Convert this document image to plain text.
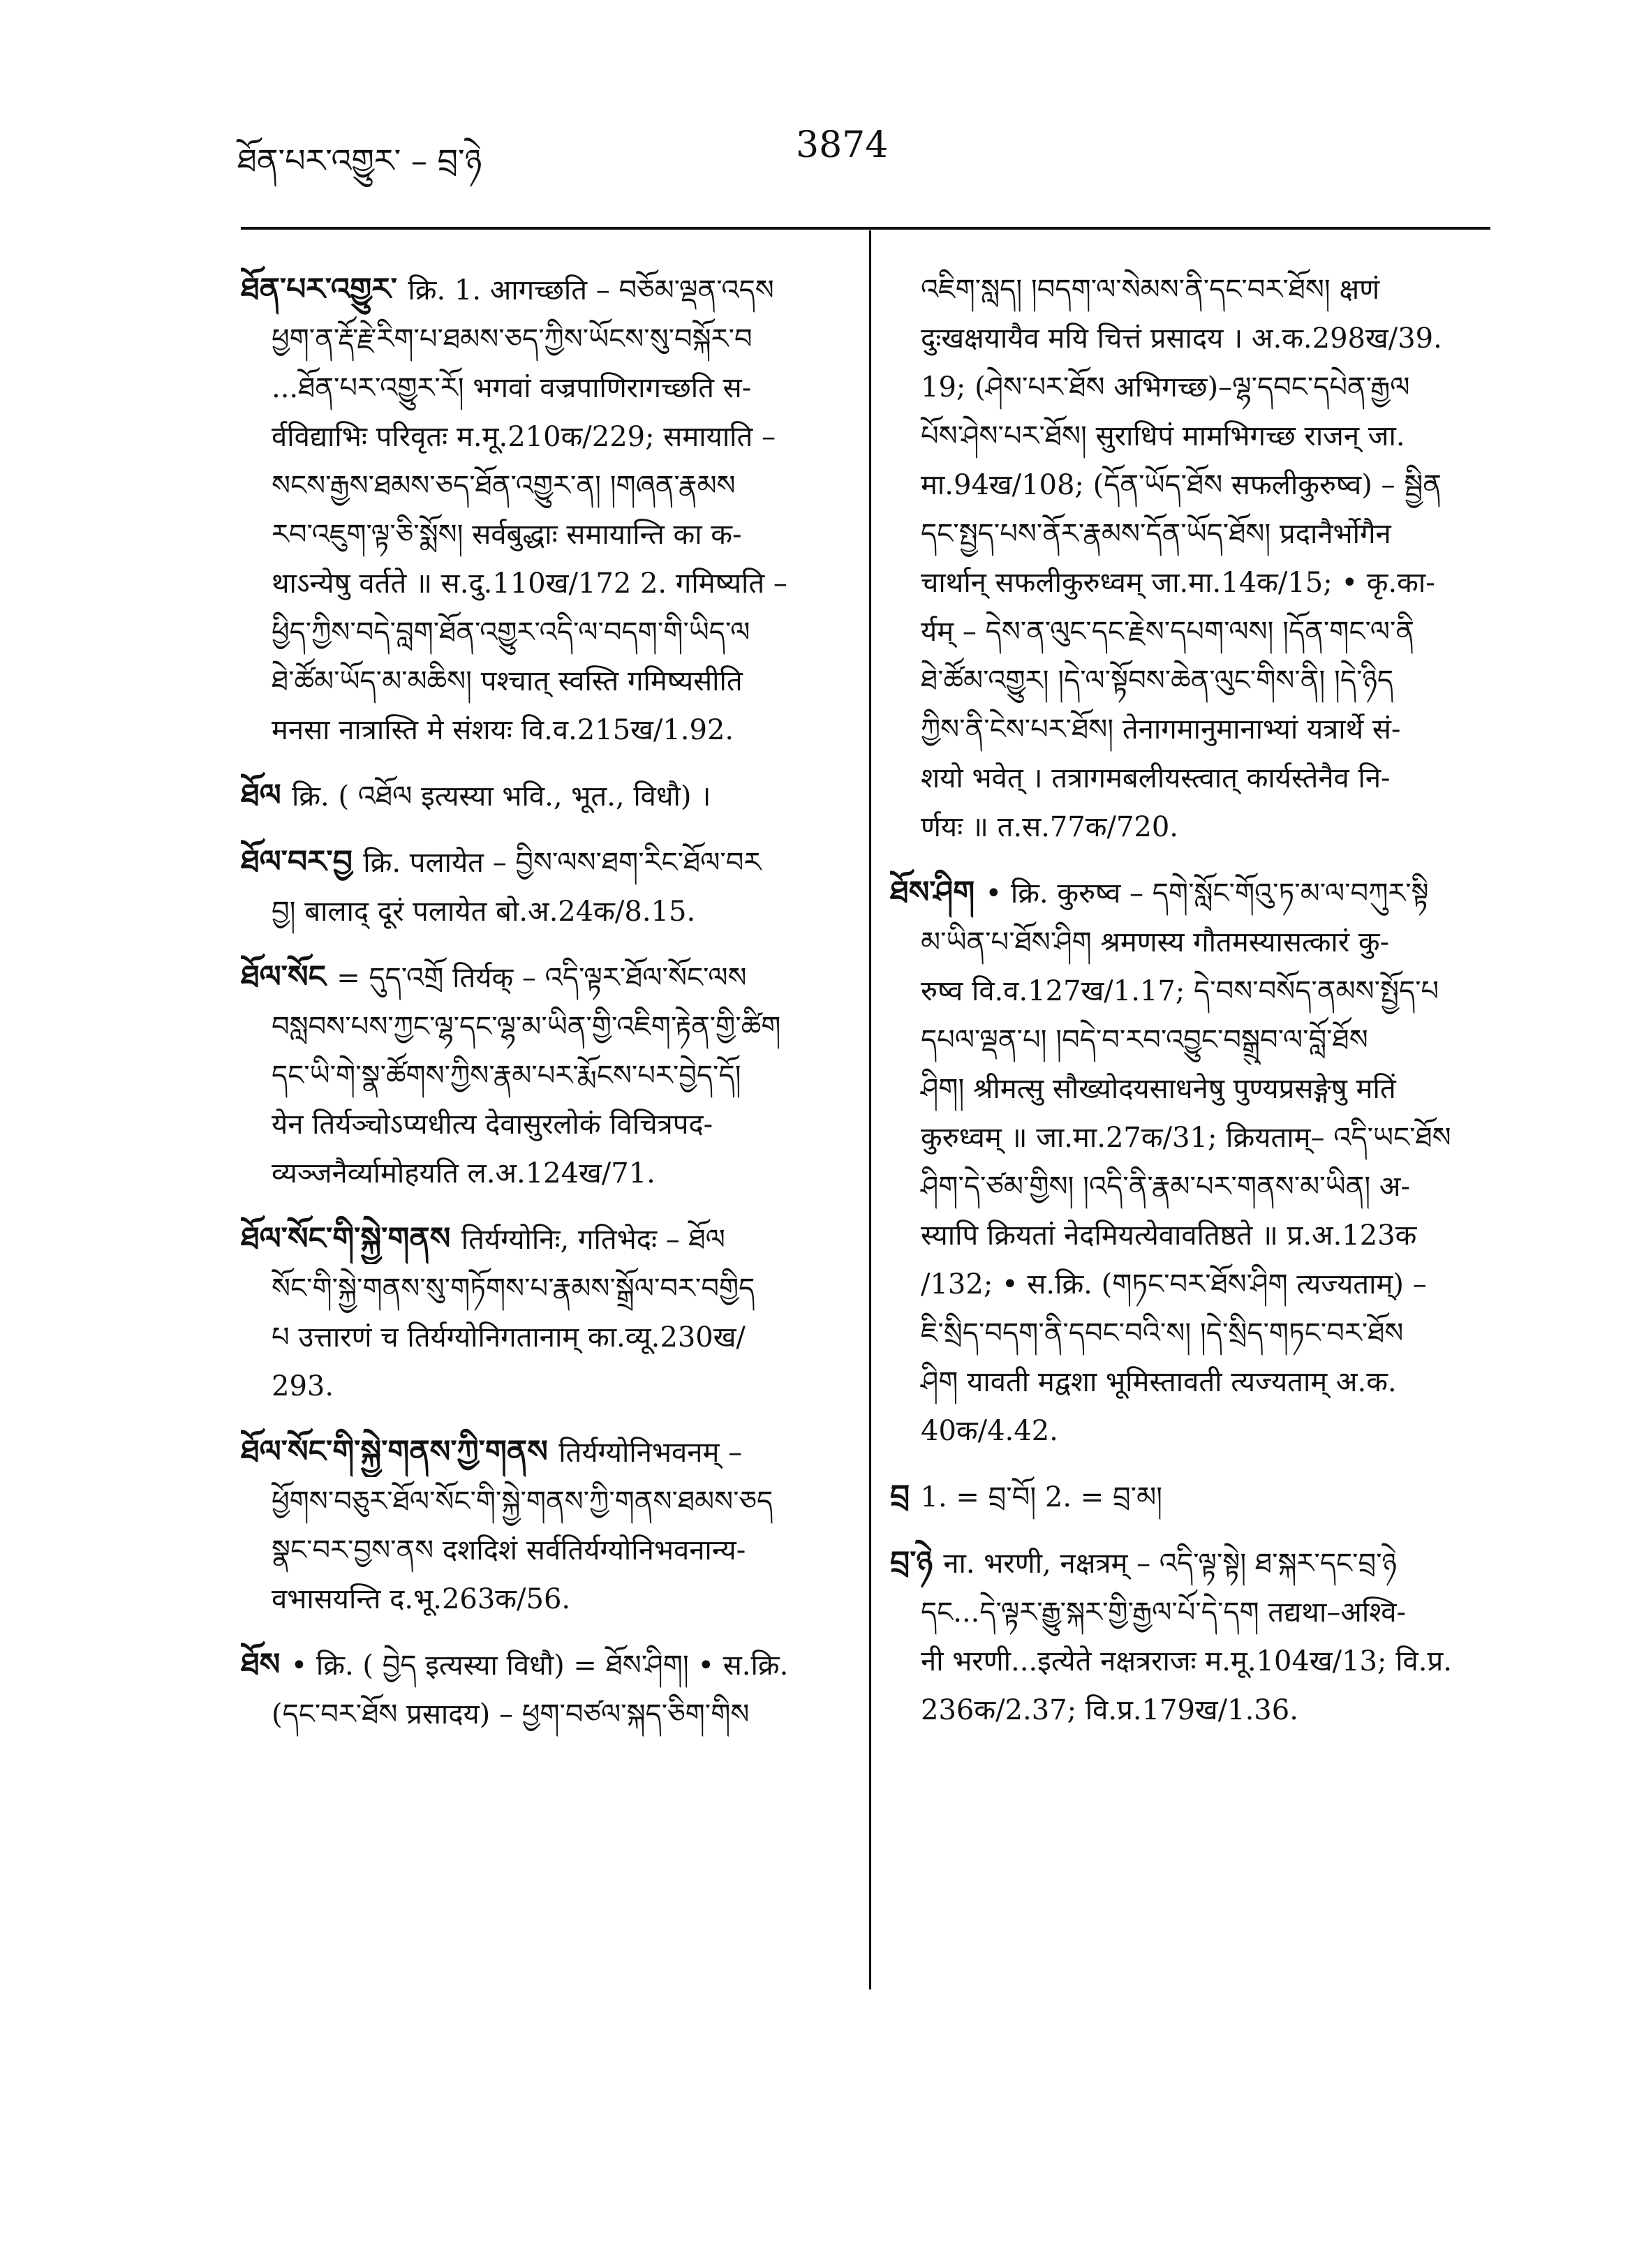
ཐོན་པར་འགྱུར་ – བྲ་ཉེ	3874
ཐོན་པར་འགྱུར་ क्रि. 1. आगच्छति – བཅོམ་ལྡན་འདས
ཕྱག་ན་རྡོ་རྗེ་རིག་པ་ཐམས་ཅད་ཀྱིས་ཡོངས་སུ་བསྐོར་བ
...ཐོན་པར་འགྱུར་རོ། भगवां वज्रपाणिरागच्छति स-
र्वविद्याभिः परिवृतः म.मू.210क/229; समायाति –
སངས་རྒྱས་ཐམས་ཅད་ཐོན་འགྱུར་ན། །གཞན་རྣམས
རབ་འཇུག་ལྟ་ཅི་སྨོས། सर्वबुद्धाः समायान्ति का क-
थाऽन्येषु वर्तते ॥ स.दु.110ख/172 2. गमिष्यति –
ཕྱིད་ཀྱིས་བདེ་བླག་ཐོན་འགྱུར་འདི་ལ་བདག་གི་ཡིད་ལ
ཐེ་ཚོམ་ཡོད་མ་མཆིས། पश्चात् स्वस्ति गमिष्यसीति
मनसा नात्रास्ति मे संशयः वि.व.215ख/1.92.
ཐོལ क्रि. ( འཐོལ इत्यस्या भवि., भूत., विधौ) ।
ཐོལ་བར་བྱ क्रि. पलायेत – བྱིས་ལས་ཐག་རིང་ཐོལ་བར
བྱ། बालाद् दूरं पलायेत बो.अ.24क/8.15.
ཐོལ་སོང = དུད་འགྲོ तिर्यक् – འདི་ལྟར་ཐོལ་སོང་ལས
བསླབས་པས་ཀྱང་ལྷ་དང་ལྷ་མ་ཡིན་གྱི་འཇིག་རྟེན་གྱི་ཚིག
དང་ཡི་གེ་སྣ་ཚོགས་ཀྱིས་རྣམ་པར་རྨོངས་པར་བྱེད་དོ།
येन तिर्यञ्चोऽप्यधीत्य देवासुरलोकं विचित्रपद-
व्यञ्जनैर्व्यामोहयति ल.अ.124ख/71.
ཐོལ་སོང་གི་སྐྱེ་གནས तिर्यग्योनिः, गतिभेदः – ཐོལ
སོང་གི་སྐྱེ་གནས་སུ་གཏོགས་པ་རྣམས་སྒྲོལ་བར་བགྱིད
པ उत्तारणं च तिर्यग्योनिगतानाम् का.व्यू.230ख/
293.
ཐོལ་སོང་གི་སྐྱེ་གནས་ཀྱི་གནས तिर्यग्योनिभवनम् –
ཕྱོགས་བཅུར་ཐོལ་སོང་གི་སྐྱེ་གནས་ཀྱི་གནས་ཐམས་ཅད
སྣང་བར་བྱས་ནས दशदिशं सर्वतिर्यग्योनिभवनान्य-
वभासयन्ति द.भू.263क/56.
ཐོས • क्रि. ( བྱེད इत्यस्या विधौ) = ཐོས་ཤིག། • स.क्रि.
(དང་བར་ཐོས प्रसादय) – ཕྱག་བཙལ་སྐད་ཅིག་གིས
འཇིག་སླད། །བདག་ལ་སེམས་ནི་དང་བར་ཐོས། क्षणं
दुःखक्षयायैव मयि चित्तं प्रसादय । अ.क.298ख/39.
19; (ཤེས་པར་ཐོས अभिगच्छ)–ལྷ་དབང་དཔེན་རྒྱལ
པོས་ཤེས་པར་ཐོས། सुराधिपं मामभिगच्छ राजन् जा.
मा.94ख/108; (དོན་ཡོད་ཐོས सफलीकुरुष्व) – སྦྱིན
དང་སྤྱད་པས་ནོར་རྣམས་དོན་ཡོད་ཐོས། प्रदानैर्भोगैन
चार्थान् सफलीकुरुध्वम् जा.मा.14क/15; • कृ.का-
र्यम् – དེས་ན་ལུང་དང་རྗེས་དཔག་ལས། །དོན་གང་ལ་ནི
ཐེ་ཚོམ་འགྱུར། །དེ་ལ་སྟོབས་ཆེན་ལུང་གིས་ནི། །དེ་ཉིད
ཀྱིས་ནི་ངེས་པར་ཐོས། तेनागमानुमानाभ्यां यत्रार्थे सं-
शयो भवेत् । तत्रागमबलीयस्त्वात् कार्यस्तेनैव नि-
र्णयः ॥ त.स.77क/720.
ཐོས་ཤིག • क्रि. कुरुष्व – དགེ་སློང་གོའུ་ཏ་མ་ལ་བཀུར་སྟི
མ་ཡིན་པ་ཐོས་ཤིག श्रमणस्य गौतमस्यासत्कारं कु-
रुष्व वि.व.127ख/1.17; དེ་བས་བསོད་ནམས་སྤྱོད་པ
དཔལ་ལྡན་པ། །བདེ་བ་རབ་འབྱུང་བསྒྲུབ་ལ་བློ་ཐོས
ཤིག། श्रीमत्सु सौख्योदयसाधनेषु पुण्यप्रसङ्गेषु मतिं
कुरुध्वम् ॥ जा.मा.27क/31; क्रियताम्– འདི་ཡང་ཐོས
ཤིག་དེ་ཙམ་གྱིས། །འདི་ནི་རྣམ་པར་གནས་མ་ཡིན། अ-
स्यापि क्रियतां नेदमियत्येवावतिष्ठते ॥ प्र.अ.123क
/132; • स.क्रि. (གཏང་བར་ཐོས་ཤིག त्यज्यताम्) –
ཇི་སྲིད་བདག་ནི་དབང་བའི་ས། །དེ་སྲིད་གཏང་བར་ཐོས
ཤིག यावती मद्वशा भूमिस्तावती त्यज्यताम् अ.क.
40क/4.42.
བྲ 1. = བྲ་བོ། 2. = བྲ་མ།
བྲ་ཉེ ना. भरणी, नक्षत्रम् – འདི་ལྟ་སྟེ། ཐ་སྐར་དང་བྲ་ཉེ
དང...དེ་ལྟར་རྒྱུ་སྐར་གྱི་རྒྱལ་པོ་དེ་དག तद्यथा–अश्वि-
नी भरणी...इत्येते नक्षत्रराजः म.मू.104ख/13; वि.प्र.
236क/2.37; वि.प्र.179ख/1.36.
